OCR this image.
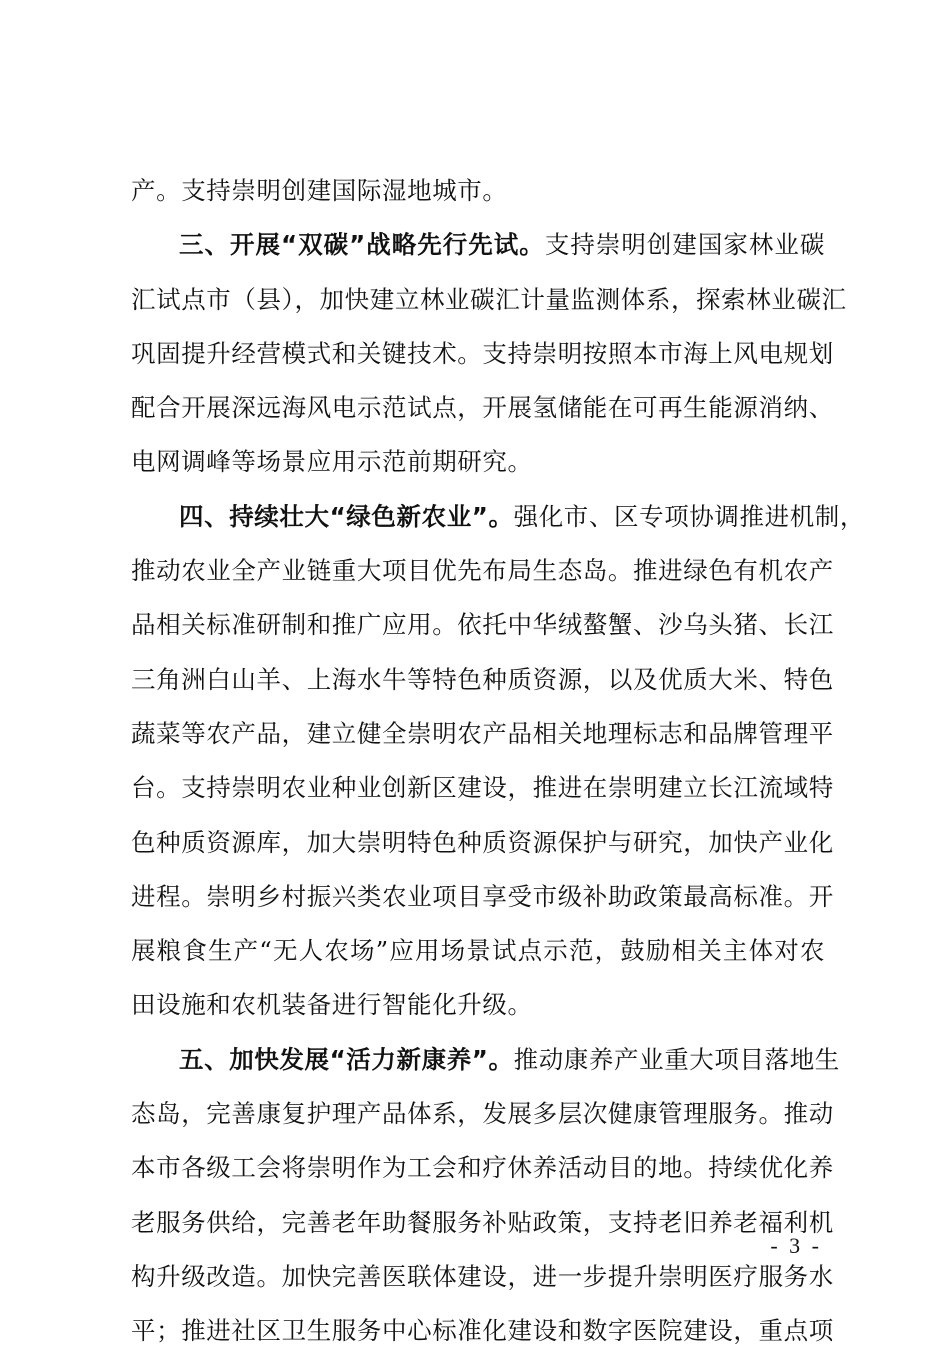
产。支持崇明创建国际湿地城市。
三、开展“双碳”战略先行先试。支持崇明创建国家林业碳
汇试点市（县），加快建立林业碳汇计量监测体系，探索林业碳汇
巩固提升经营模式和关键技术。支持崇明按照本市海上风电规划
配合开展深远海风电示范试点，开展氢储能在可再生能源消纳、
电网调峰等场景应用示范前期研究。
四、持续壮大“绿色新农业”。强化市、区专项协调推进机制，
推动农业全产业链重大项目优先布局生态岛。推进绿色有机农产
品相关标准研制和推广应用。依托中华绒螯蟹、沙乌头猪、长江
三角洲白山羊、上海水牛等特色种质资源，以及优质大米、特色
蔬菜等农产品，建立健全崇明农产品相关地理标志和品牌管理平
台。支持崇明农业种业创新区建设，推进在崇明建立长江流域特
色种质资源库，加大崇明特色种质资源保护与研究，加快产业化
进程。崇明乡村振兴类农业项目享受市级补助政策最高标准。开
展粮食生产“无人农场”应用场景试点示范，鼓励相关主体对农
田设施和农机装备进行智能化升级。
五、加快发展“活力新康养”。推动康养产业重大项目落地生
态岛，完善康复护理产品体系，发展多层次健康管理服务。推动
本市各级工会将崇明作为工会和疗休养活动目的地。持续优化养
老服务供给，完善老年助餐服务补贴政策，支持老旧养老福利机
构升级改造。加快完善医联体建设，进一步提升崇明医疗服务水
平；推进社区卫生服务中心标准化建设和数字医院建设，重点项
- 3 -
